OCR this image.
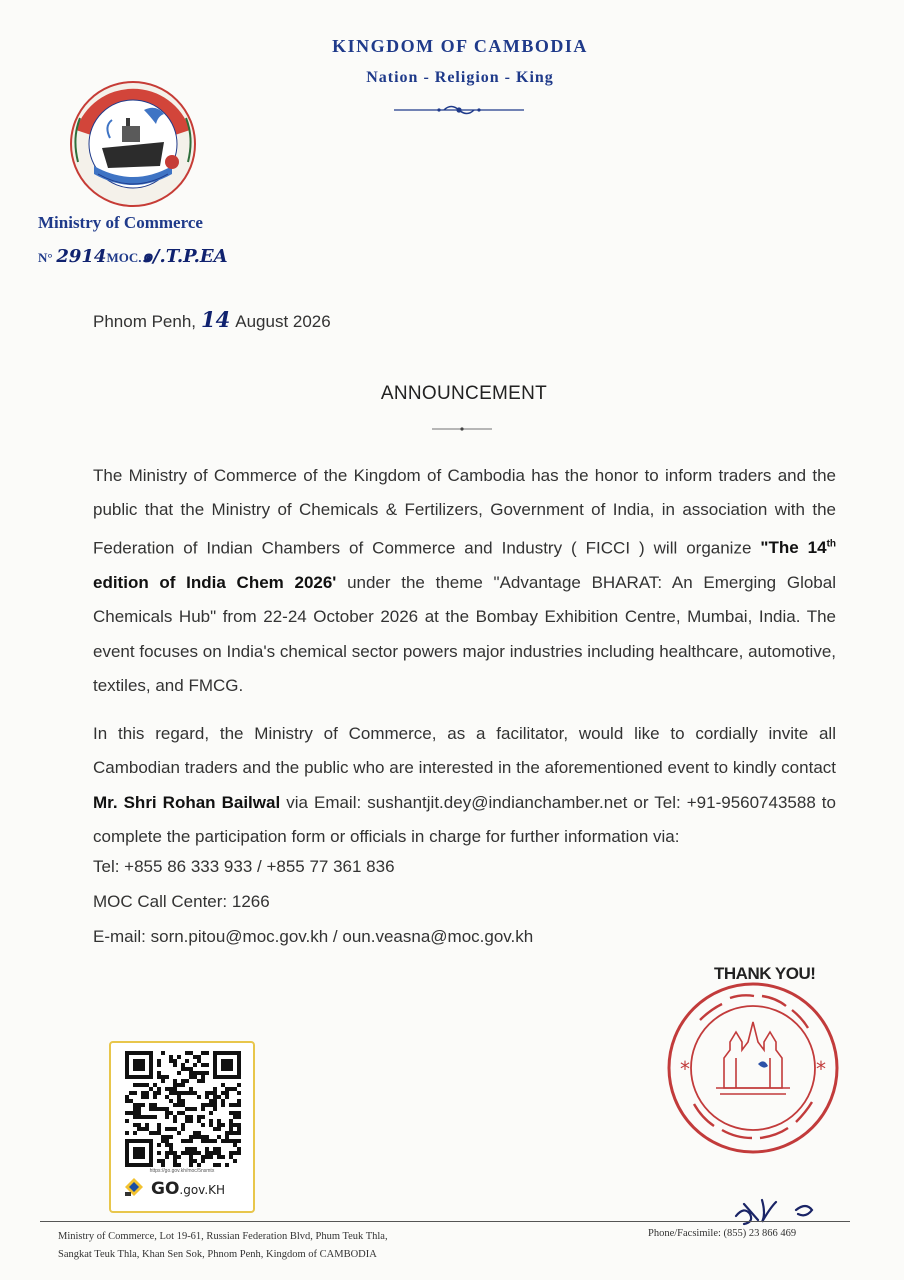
KINGDOM OF CAMBODIA
Nation - Religion - King
Ministry of Commerce
N° 2914MOC.๑/.T.P.EA
Phnom Penh, 14 August 2026
ANNOUNCEMENT
The Ministry of Commerce of the Kingdom of Cambodia has the honor to inform traders and the public that the Ministry of Chemicals & Fertilizers, Government of India, in association with the Federation of Indian Chambers of Commerce and Industry ( FICCI ) will organize "The 14th edition of India Chem 2026' under the theme "Advantage BHARAT: An Emerging Global Chemicals Hub" from 22-24 October 2026 at the Bombay Exhibition Centre, Mumbai, India. The event focuses on India's chemical sector powers major industries including healthcare, automotive, textiles, and FMCG.
In this regard, the Ministry of Commerce, as a facilitator, would like to cordially invite all Cambodian traders and the public who are interested in the aforementioned event to kindly contact Mr. Shri Rohan Bailwal via Email: sushantjit.dey@indianchamber.net or Tel: +91-9560743588 to complete the participation form or officials in charge for further information via:
Tel: +855 86 333 933 / +855 77 361 836
MOC Call Center: 1266
E-mail: sorn.pitou@moc.gov.kh / oun.veasna@moc.gov.kh
*	*
THANK YOU!
https://go.gov.kh/moc/5nsmtx
GO.gov.KH
Ministry of Commerce, Lot 19-61, Russian Federation Blvd, Phum Teuk Thla,
Sangkat Teuk Thla, Khan Sen Sok, Phnom Penh, Kingdom of CAMBODIA
Phone/Facsimile: (855) 23 866 469
